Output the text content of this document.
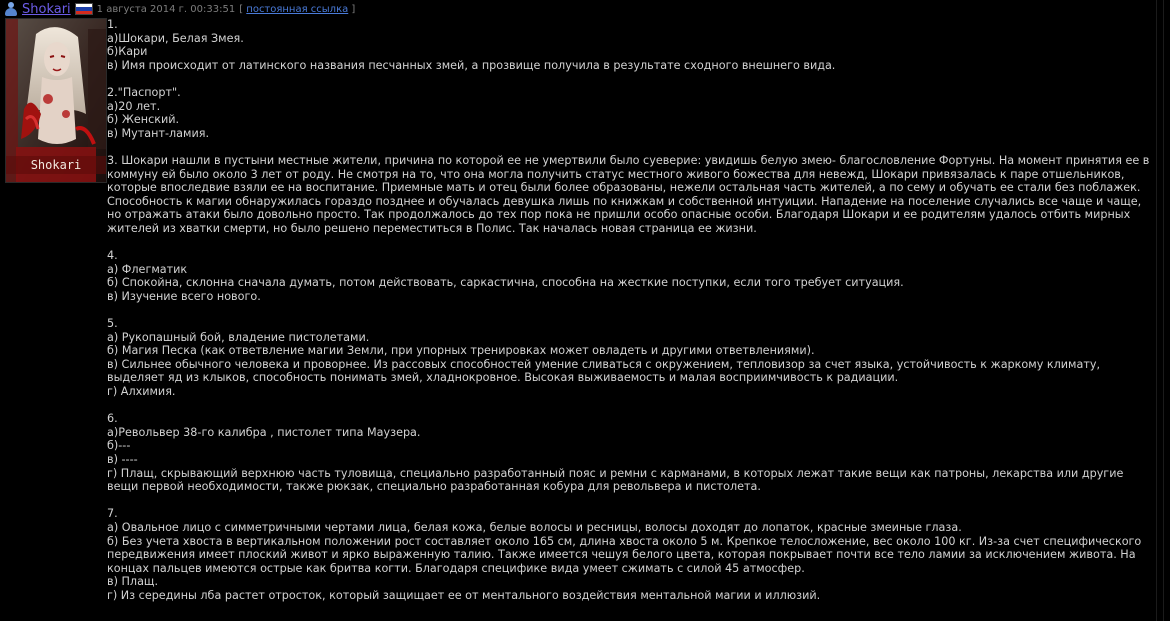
Shokari	1 августа 2014 г. 00:33:51 [ постоянная ссылка ]
Shokari
1.
а)Шокари, Белая Змея.
б)Кари
в) Имя происходит от латинского названия песчанных змей, а прозвище получила в результате сходного внешнего вида.
2."Паспорт".
а)20 лет.
б) Женский.
в) Мутант-ламия.
3. Шокари нашли в пустыни местные жители, причина по которой ее не умертвили было суеверие: увидишь белую змею- благословление Фортуны. На момент принятия ее в коммуну ей было около 3 лет от роду. Не смотря на то, что она могла получить статус местного живого божества для невежд, Шокари привязалась к паре отшельников, которые впоследвие взяли ее на воспитание. Приемные мать и отец были более образованы, нежели остальная часть жителей, а по сему и обучать ее стали без поблажек. Способность к магии обнаружилась гораздо позднее и обучалась девушка лишь по книжкам и собственной интуиции. Нападение на поселение случались все чаще и чаще, но отражать атаки было довольно просто. Так продолжалось до тех пор пока не пришли особо опасные особи. Благодаря Шокари и ее родителям удалось отбить мирных жителей из хватки смерти, но было решено переместиться в Полис. Так началась новая страница ее жизни.
4.
а) Флегматик
б) Спокойна, склонна сначала думать, потом действовать, саркастична, способна на жесткие поступки, если того требует ситуация.
в) Изучение всего нового.
5.
а) Рукопашный бой, владение пистолетами.
б) Магия Песка (как ответвление магии Земли, при упорных тренировках может овладеть и другими ответвлениями).
в) Сильнее обычного человека и проворнее. Из рассовых способностей умение сливаться с окружением, тепловизор за счет языка, устойчивость к жаркому климату, выделяет яд из клыков, способность понимать змей, хладнокровное. Высокая выживаемость и малая восприимчивость к радиации.
г) Алхимия.
6.
а)Револьвер 38-го калибра , пистолет типа Маузера.
б)---
в) ----
г) Плащ, скрывающий верхнюю часть туловища, специально разработанный пояс и ремни с карманами, в которых лежат такие вещи как патроны, лекарства или другие вещи первой необходимости, также рюкзак, специально разработанная кобура для револьвера и пистолета.
7.
а) Овальное лицо с симметричными чертами лица, белая кожа, белые волосы и ресницы, волосы доходят до лопаток, красные змеиные глаза.
б) Без учета хвоста в вертикальном положении рост составляет около 165 см, длина хвоста около 5 м. Крепкое телосложение, вес около 100 кг. Из-за счет специфического передвижения имеет плоский живот и ярко выраженную талию. Также имеется чешуя белого цвета, которая покрывает почти все тело ламии за исключением живота. На концах пальцев имеются острые как бритва когти. Благодаря специфике вида умеет сжимать с силой 45 атмосфер.
в) Плащ.
г) Из середины лба растет отросток, который защищает ее от ментального воздействия ментальной магии и иллюзий.
